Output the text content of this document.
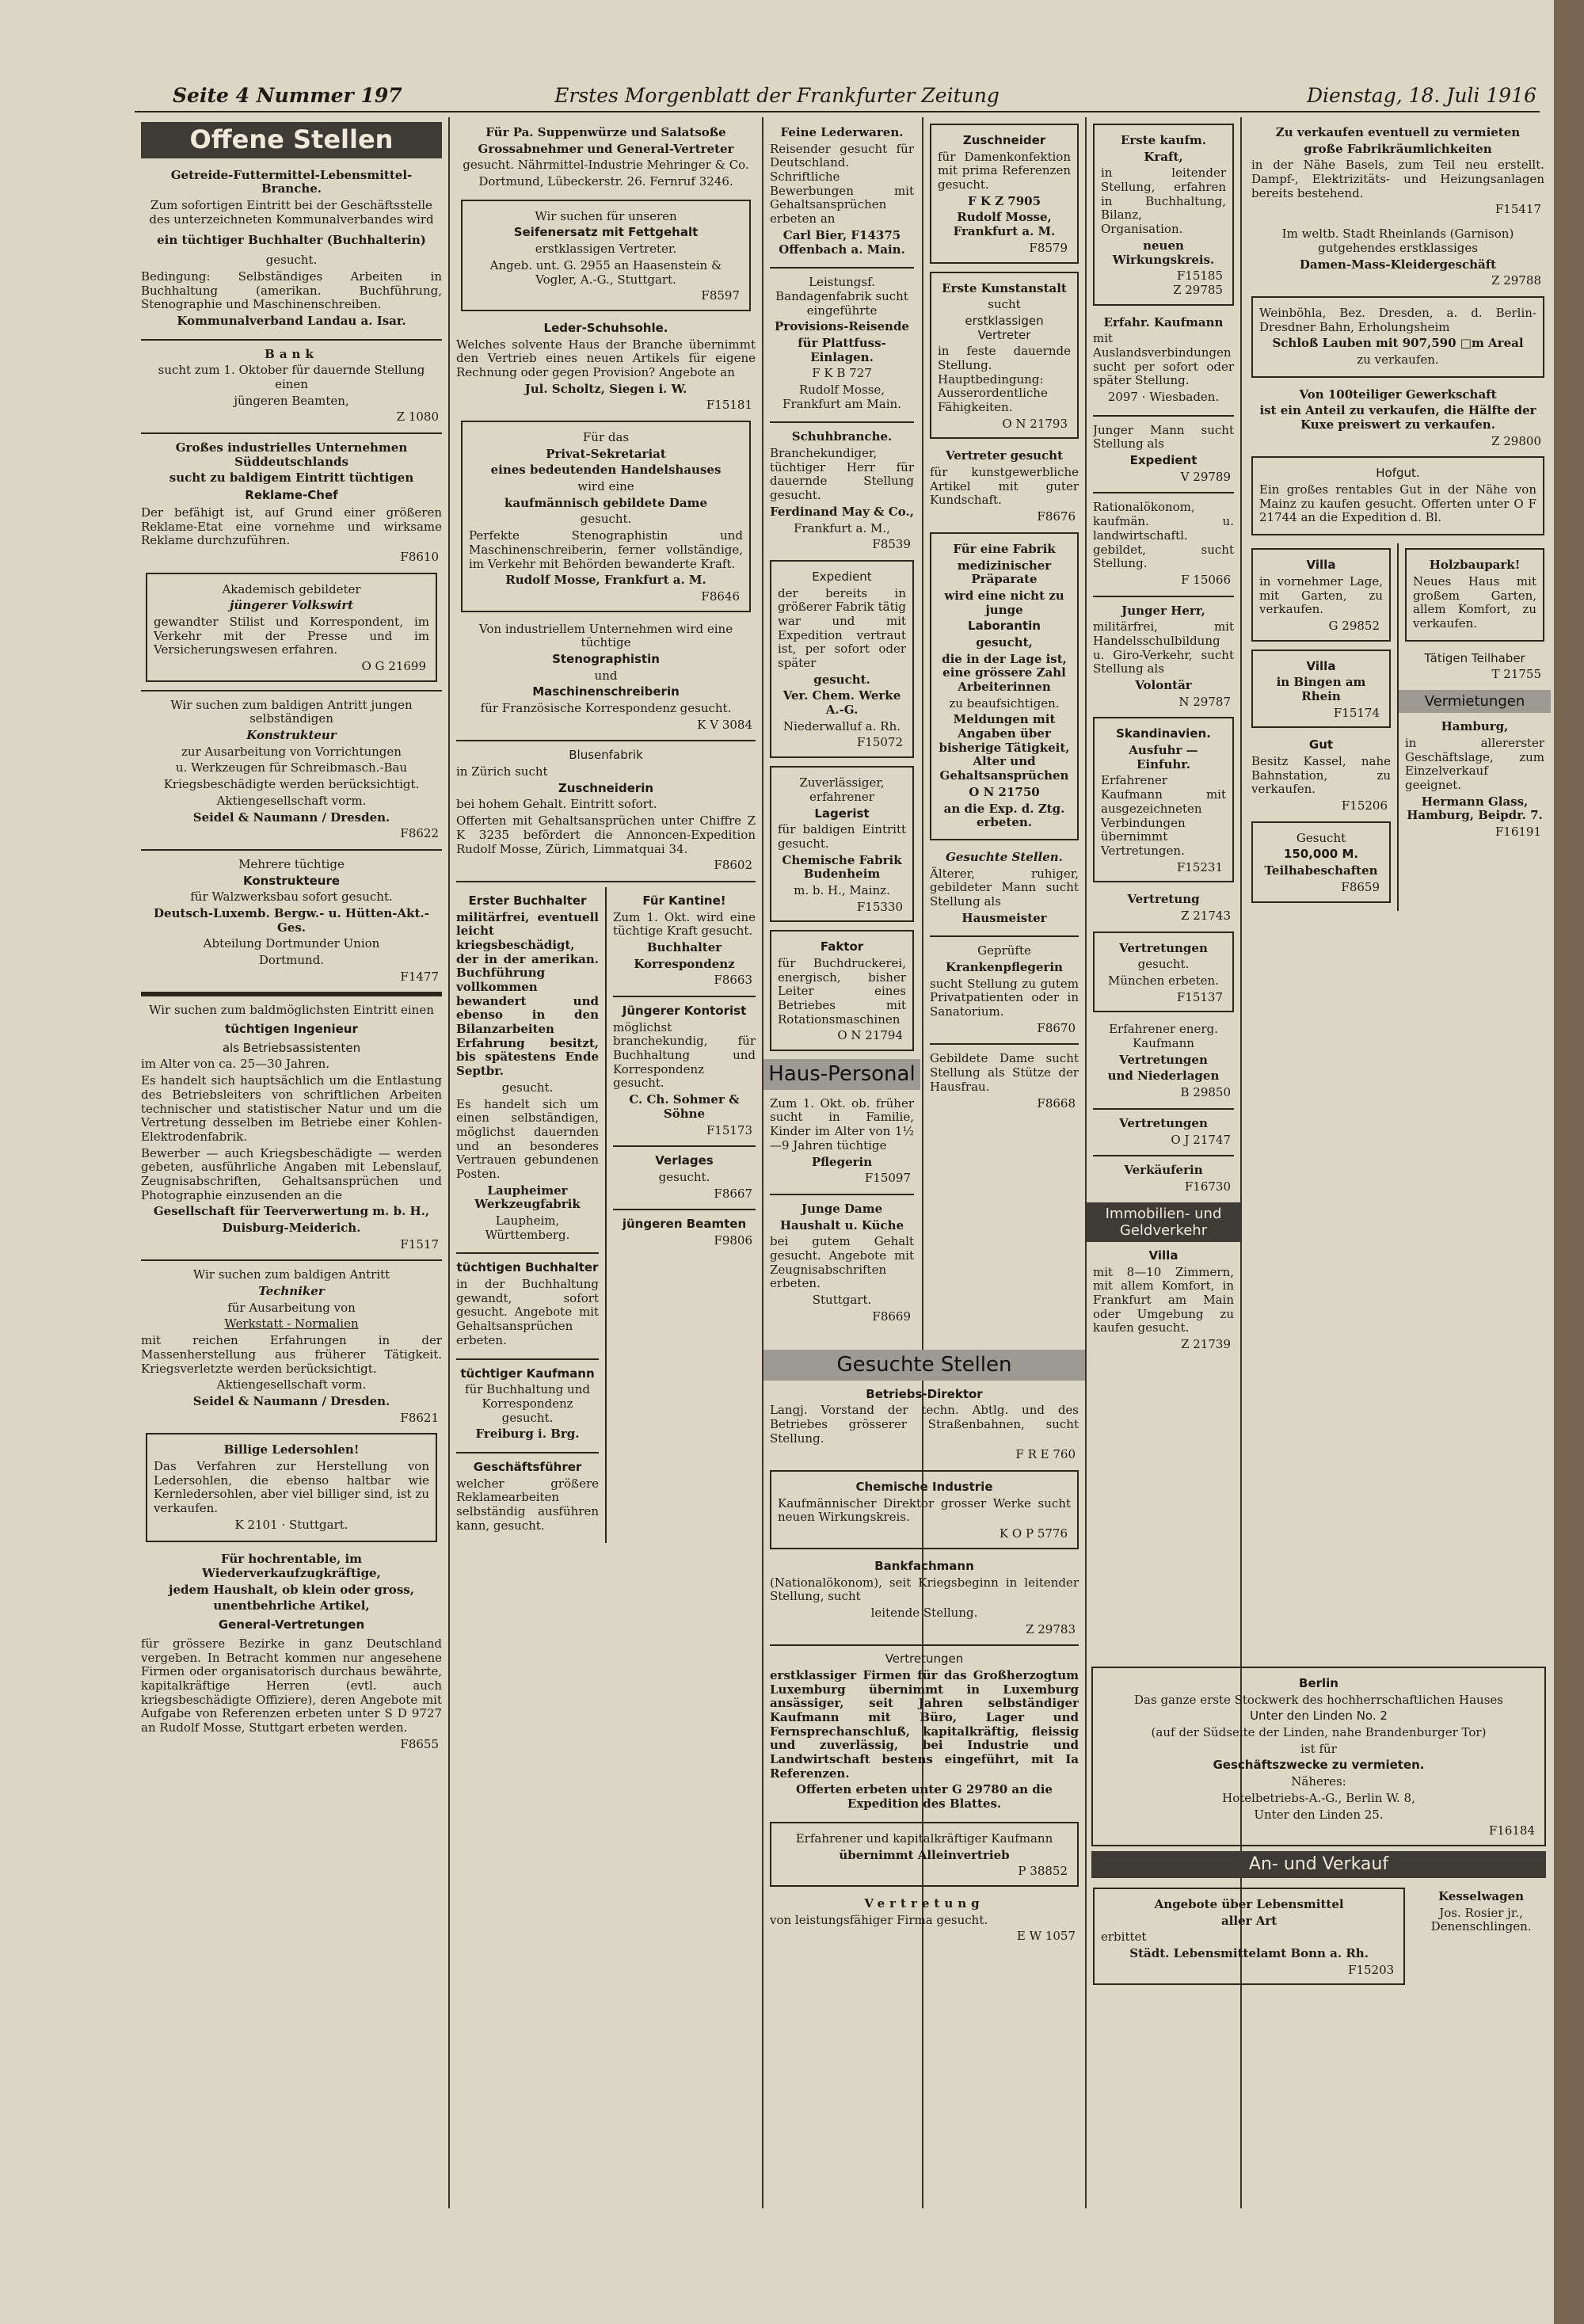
Seite 4 Nummer 197	Erstes Morgenblatt der Frankfurter Zeitung	Dienstag, 18. Juli 1916
Offene Stellen

Getreide-Futtermittel-Lebensmittel-Branche.

Zum sofortigen Eintritt bei der Geschäftsstelle des unterzeichneten Kommunalverbandes wird

ein tüchtiger Buchhalter (Buchhalterin)

gesucht.

Bedingung: Selbständiges Arbeiten in Buchhaltung (amerikan. Buchführung, Stenographie und Maschinenschreiben.

Kommunalverband Landau a. Isar.

Bank

sucht zum 1. Oktober für dauernde Stellung einen

jüngeren Beamten,

Z 1080

Großes industrielles Unternehmen Süddeutschlands

sucht zu baldigem Eintritt tüchtigen

Reklame-Chef

Der befähigt ist, auf Grund einer größeren Reklame-Etat eine vornehme und wirksame Reklame durchzuführen.

F8610

Akademisch gebildeter

jüngerer Volkswirt

gewandter Stilist und Korrespondent, im Verkehr mit der Presse und im Versicherungswesen erfahren.

O G 21699

Wir suchen zum baldigen Antritt jungen selbständigen

Konstrukteur

zur Ausarbeitung von Vorrichtungen

u. Werkzeugen für Schreibmasch.-Bau

Kriegsbeschädigte werden berücksichtigt.

Aktiengesellschaft vorm.

Seidel & Naumann / Dresden.

F8622

Mehrere tüchtige

Konstrukteure

für Walzwerksbau sofort gesucht.

Deutsch-Luxemb. Bergw.- u. Hütten-Akt.-Ges.

Abteilung Dortmunder Union

Dortmund.

F1477

Wir suchen zum baldmöglichsten Eintritt einen

tüchtigen Ingenieur

als Betriebsassistenten

im Alter von ca. 25—30 Jahren.

Es handelt sich hauptsächlich um die Entlastung des Betriebsleiters von schriftlichen Arbeiten technischer und statistischer Natur und um die Vertretung desselben im Betriebe einer Kohlen-Elektrodenfabrik.

Bewerber — auch Kriegsbeschädigte — werden gebeten, ausführliche Angaben mit Lebenslauf, Zeugnisabschriften, Gehaltsansprüchen und Photographie einzusenden an die

Gesellschaft für Teerverwertung m. b. H.,

Duisburg-Meiderich.

F1517

Wir suchen zum baldigen Antritt

Techniker

für Ausarbeitung von

Werkstatt - Normalien

mit reichen Erfahrungen in der Massenherstellung aus früherer Tätigkeit. Kriegsverletzte werden berücksichtigt.

Aktiengesellschaft vorm.

Seidel & Naumann / Dresden.

F8621

Billige Ledersohlen!

Das Verfahren zur Herstellung von Ledersohlen, die ebenso haltbar wie Kernledersohlen, aber viel billiger sind, ist zu verkaufen.

K 2101 · Stuttgart.

Für hochrentable, im Wiederverkaufzugkräftige,

jedem Haushalt, ob klein oder gross,

unentbehrliche Artikel,

General-Vertretungen

für grössere Bezirke in ganz Deutschland vergeben. In Betracht kommen nur angesehene Firmen oder organisatorisch durchaus bewährte, kapitalkräftige Herren (evtl. auch kriegsbeschädigte Offiziere), deren Angebote mit Aufgabe von Referenzen erbeten unter S D 9727 an Rudolf Mosse, Stuttgart erbeten werden.

F8655

Für Pa. Suppenwürze und Salatsoße

Grossabnehmer und General-Vertreter

gesucht. Nährmittel-Industrie Mehringer & Co.

Dortmund, Lübeckerstr. 26. Fernruf 3246.

Wir suchen für unseren

Seifenersatz mit Fettgehalt

erstklassigen Vertreter.

Angeb. unt. G. 2955 an Haasenstein & Vogler, A.-G., Stuttgart.

F8597

Leder-Schuhsohle.

Welches solvente Haus der Branche übernimmt den Vertrieb eines neuen Artikels für eigene Rechnung oder gegen Provision? Angebote an

Jul. Scholtz, Siegen i. W.

F15181

Für das

Privat-Sekretariat

eines bedeutenden Handelshauses

wird eine

kaufmännisch gebildete Dame

gesucht.

Perfekte Stenographistin und Maschinenschreiberin, ferner vollständige, im Verkehr mit Behörden bewanderte Kraft.

Rudolf Mosse, Frankfurt a. M.

F8646

Von industriellem Unternehmen wird eine tüchtige

Stenographistin

und

Maschinenschreiberin

für Französische Korrespondenz gesucht.

K V 3084

Blusenfabrik

in Zürich sucht

Zuschneiderin

bei hohem Gehalt. Eintritt sofort.

Offerten mit Gehaltsansprüchen unter Chiffre Z K 3235 befördert die Annoncen-Expedition Rudolf Mosse, Zürich, Limmatquai 34.

F8602

Erster Buchhalter

militärfrei, eventuell leicht kriegsbeschädigt, der in der amerikan. Buchführung vollkommen bewandert und ebenso in den Bilanzarbeiten Erfahrung besitzt, bis spätestens Ende Septbr.

gesucht.

Es handelt sich um einen selbständigen, möglichst dauernden und an besonderes Vertrauen gebundenen Posten.

Laupheimer Werkzeugfabrik

Laupheim, Württemberg.

tüchtigen Buchhalter

in der Buchhaltung gewandt, sofort gesucht. Angebote mit Gehaltsansprüchen erbeten.

tüchtiger Kaufmann

für Buchhaltung und Korrespondenz gesucht.

Freiburg i. Brg.

Geschäftsführer

welcher größere Reklamearbeiten selbständig ausführen kann, gesucht.

Für Kantine!

Zum 1. Okt. wird eine tüchtige Kraft gesucht.

Buchhalter

Korrespondenz

F8663

Jüngerer Kontorist

möglichst branchekundig, für Buchhaltung und Korrespondenz gesucht.

C. Ch. Sohmer & Söhne

F15173

Verlages

gesucht.

F8667

jüngeren Beamten

F9806

Feine Lederwaren.

Reisender gesucht für Deutschland. Schriftliche Bewerbungen mit Gehaltsansprüchen erbeten an

Carl Bier, F14375 Offenbach a. Main.

Leistungsf. Bandagenfabrik sucht eingeführte

Provisions-Reisende

für Plattfuss-Einlagen.

F K B 727

Rudolf Mosse, Frankfurt am Main.

Schuhbranche.

Branchekundiger, tüchtiger Herr für dauernde Stellung gesucht.

Ferdinand May & Co.,

Frankfurt a. M.,

F8539

Expedient

der bereits in größerer Fabrik tätig war und mit Expedition vertraut ist, per sofort oder später

gesucht.

Ver. Chem. Werke A.-G.

Niederwalluf a. Rh.

F15072

Zuverlässiger, erfahrener

Lagerist

für baldigen Eintritt gesucht.

Chemische Fabrik Budenheim

m. b. H., Mainz.

F15330

Faktor

für Buchdruckerei, energisch, bisher Leiter eines Betriebes mit Rotationsmaschinen

O N 21794

Haus-Personal

Zum 1. Okt. ob. früher sucht in Familie, Kinder im Alter von 1½—9 Jahren tüchtige

Pflegerin

F15097

Junge Dame

Haushalt u. Küche

bei gutem Gehalt gesucht. Angebote mit Zeugnisabschriften erbeten.

Stuttgart.

F8669

Zuschneider

für Damenkonfektion mit prima Referenzen gesucht.

F K Z 7905

Rudolf Mosse, Frankfurt a. M.

F8579

Erste Kunstanstalt

sucht

erstklassigen Vertreter

in feste dauernde Stellung. Hauptbedingung: Ausserordentliche Fähigkeiten.

O N 21793

Vertreter gesucht

für kunstgewerbliche Artikel mit guter Kundschaft.

F8676

Für eine Fabrik

medizinischer Präparate

wird eine nicht zu junge

Laborantin

gesucht,

die in der Lage ist, eine grössere Zahl Arbeiterinnen

zu beaufsichtigen.

Meldungen mit Angaben über bisherige Tätigkeit, Alter und Gehaltsansprüchen

O N 21750

an die Exp. d. Ztg. erbeten.

Gesuchte Stellen.

Älterer, ruhiger, gebildeter Mann sucht Stellung als

Hausmeister

Geprüfte

Krankenpflegerin

sucht Stellung zu gutem Privatpatienten oder in Sanatorium.

F8670

Gebildete Dame sucht Stellung als Stütze der Hausfrau.

F8668

Gesuchte Stellen

Betriebs-Direktor

Langj. Vorstand der techn. Abtlg. und des Betriebes grösserer Straßenbahnen, sucht Stellung.

F R E 760

Chemische Industrie

Kaufmännischer Direktor grosser Werke sucht neuen Wirkungskreis.

K O P 5776

Bankfachmann

(Nationalökonom), seit Kriegsbeginn in leitender Stellung, sucht

leitende Stellung.

Z 29783

Vertretungen

erstklassiger Firmen für das Großherzogtum Luxemburg übernimmt in Luxemburg ansässiger, seit Jahren selbständiger Kaufmann mit Büro, Lager und Fernsprechanschluß, kapitalkräftig, fleissig und zuverlässig, bei Industrie und Landwirtschaft bestens eingeführt, mit Ia Referenzen.

Offerten erbeten unter G 29780 an die Expedition des Blattes.

Erfahrener und kapitalkräftiger Kaufmann

übernimmt Alleinvertrieb

P 38852

Vertretung

von leistungsfähiger Firma gesucht.

E W 1057

Erste kaufm.

Kraft,

in leitender Stellung, erfahren in Buchhaltung, Bilanz, Organisation.

neuen Wirkungskreis.

F15185

Z 29785

Erfahr. Kaufmann

mit Auslandsverbindungen sucht per sofort oder später Stellung.

2097 · Wiesbaden.

Junger Mann sucht Stellung als

Expedient

V 29789

Rationalökonom, kaufmän. u. landwirtschaftl. gebildet, sucht Stellung.

F 15066

Junger Herr,

militärfrei, mit Handelsschulbildung u. Giro-Verkehr, sucht Stellung als

Volontär

N 29787

Skandinavien.

Ausfuhr — Einfuhr.

Erfahrener Kaufmann mit ausgezeichneten Verbindungen übernimmt Vertretungen.

F15231

Vertretung

Z 21743

Vertretungen

gesucht.

München erbeten.

F15137

Erfahrener energ. Kaufmann

Vertretungen

und Niederlagen

B 29850

Vertretungen

O J 21747

Verkäuferin

F16730

Immobilien- und Geldverkehr

Villa

mit 8—10 Zimmern, mit allem Komfort, in Frankfurt am Main oder Umgebung zu kaufen gesucht.

Z 21739

Zu verkaufen eventuell zu vermieten

große Fabrikräumlichkeiten

in der Nähe Basels, zum Teil neu erstellt. Dampf-, Elektrizitäts- und Heizungsanlagen bereits bestehend.

F15417

Im weltb. Stadt Rheinlands (Garnison) gutgehendes erstklassiges

Damen-Mass-Kleidergeschäft

Z 29788

Weinböhla, Bez. Dresden, a. d. Berlin-Dresdner Bahn, Erholungsheim

Schloß Lauben mit 907,590 □m Areal

zu verkaufen.

Von 100teiliger Gewerkschaft

ist ein Anteil zu verkaufen, die Hälfte der Kuxe preiswert zu verkaufen.

Z 29800

Hofgut.

Ein großes rentables Gut in der Nähe von Mainz zu kaufen gesucht. Offerten unter O F 21744 an die Expedition d. Bl.

Villa

in vornehmer Lage, mit Garten, zu verkaufen.

G 29852

Villa

in Bingen am Rhein

F15174

Gut

Besitz Kassel, nahe Bahnstation, zu verkaufen.

F15206

Gesucht

150,000 M.

Teilhabeschaften

F8659

Holzbaupark!

Neues Haus mit großem Garten, allem Komfort, zu verkaufen.

Tätigen Teilhaber

T 21755

Vermietungen

Hamburg,

in allererster Geschäftslage, zum Einzelverkauf geeignet.

Hermann Glass, Hamburg, Beipdr. 7.

F16191

Berlin

Das ganze erste Stockwerk des hochherrschaftlichen Hauses

Unter den Linden No. 2

(auf der Südseite der Linden, nahe Brandenburger Tor)

ist für

Geschäftszwecke zu vermieten.

Näheres:

Hotelbetriebs-A.-G., Berlin W. 8,

Unter den Linden 25.

F16184

An- und Verkauf

Angebote über Lebensmittel

aller Art

erbittet

Städt. Lebensmittelamt Bonn a. Rh.

F15203

Kesselwagen

Jos. Rosier jr., Denenschlingen.
